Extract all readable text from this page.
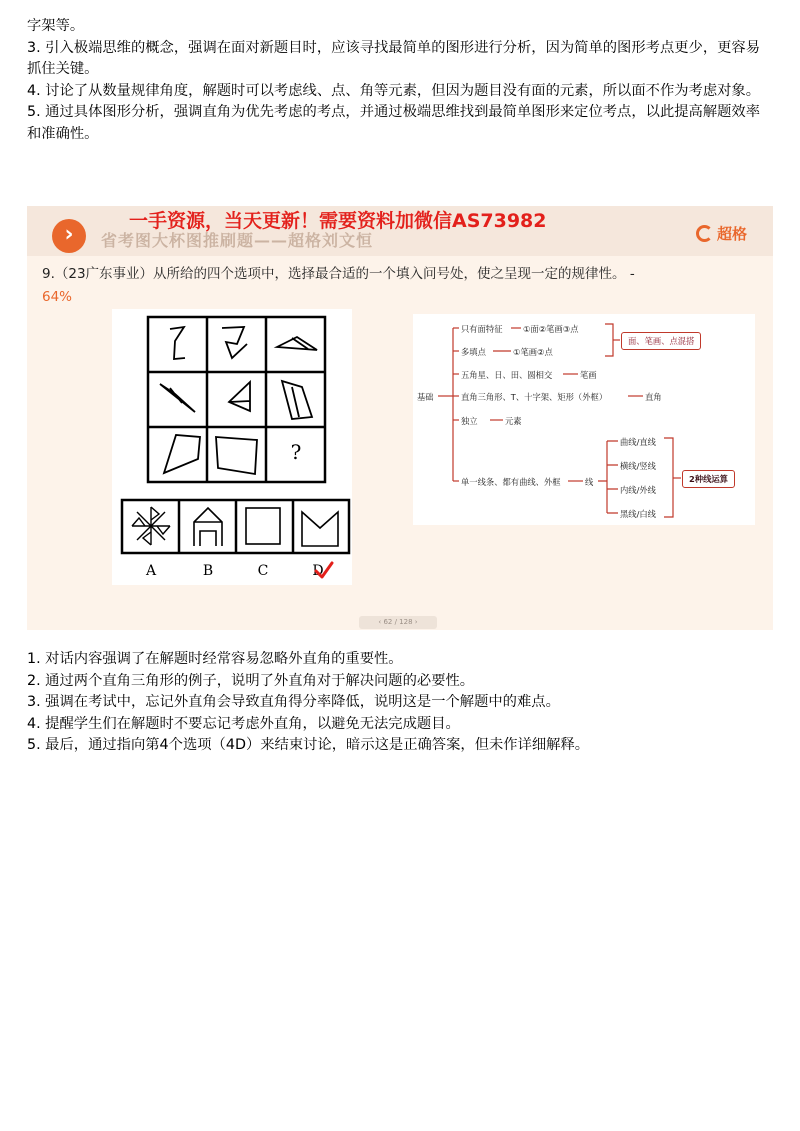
字架等。

3. 引入极端思维的概念，强调在面对新题目时，应该寻找最简单的图形进行分析，因为简单的图形考点更少，更容易抓住关键。

4. 讨论了从数量规律角度，解题时可以考虑线、点、角等元素，但因为题目没有面的元素，所以面不作为考虑对象。

5. 通过具体图形分析，强调直角为优先考虑的考点，并通过极端思维找到最简单图形来定位考点，以此提高解题效率和准确性。

›	省考图大杯图推刷题——超格刘文恒
一手资源，当天更新！需要资料加微信AS73982
超格
9.（23广东事业）从所给的四个选项中，选择最合适的一个填入问号处，使之呈现一定的规律性。 -
64%
?
A	B	C	D
基础
只有面特征 ①面②笔画③点
多填点	①笔画②点
面、笔画、点混搭
五角星、日、田、圆相交	笔画
直角三角形、T、十字架、矩形（外框）	直角
独立	元素
单一线条、都有曲线、外框	线
曲线/直线
横线/竖线
内线/外线
黑线/白线
2种线运算
‹ 62 / 128 ›

1. 对话内容强调了在解题时经常容易忽略外直角的重要性。

2. 通过两个直角三角形的例子，说明了外直角对于解决问题的必要性。

3. 强调在考试中，忘记外直角会导致直角得分率降低，说明这是一个解题中的难点。

4. 提醒学生们在解题时不要忘记考虑外直角，以避免无法完成题目。

5. 最后，通过指向第4个选项（4D）来结束讨论，暗示这是正确答案，但未作详细解释。
